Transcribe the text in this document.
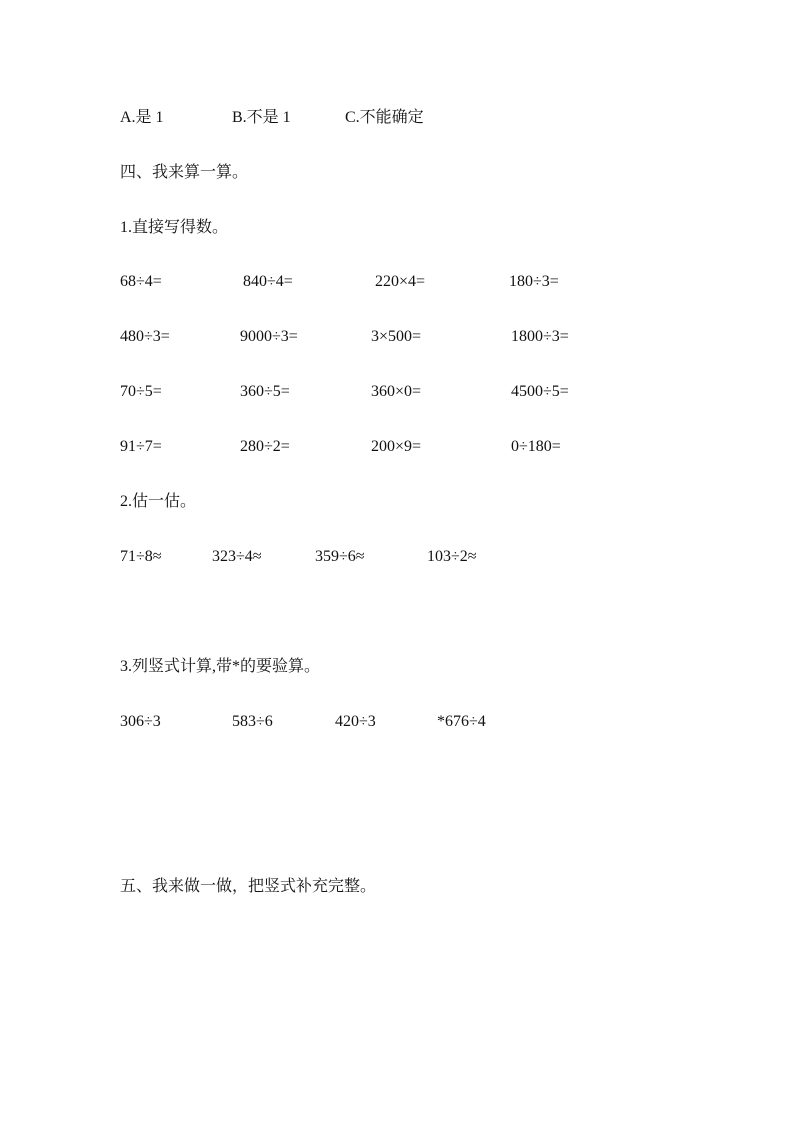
A.是 1	B.不是 1	C.不能确定
四、我来算一算。
1.直接写得数。
68÷4=	840÷4=	220×4=	180÷3=
480÷3=	9000÷3=	3×500=	1800÷3=
70÷5=	360÷5=	360×0=	4500÷5=
91÷7=	280÷2=	200×9=	0÷180=
2.估一估。
71÷8≈	323÷4≈	359÷6≈	103÷2≈
3.列竖式计算,带*的要验算。
306÷3	583÷6	420÷3	*676÷4
五、我来做一做，把竖式补充完整。
